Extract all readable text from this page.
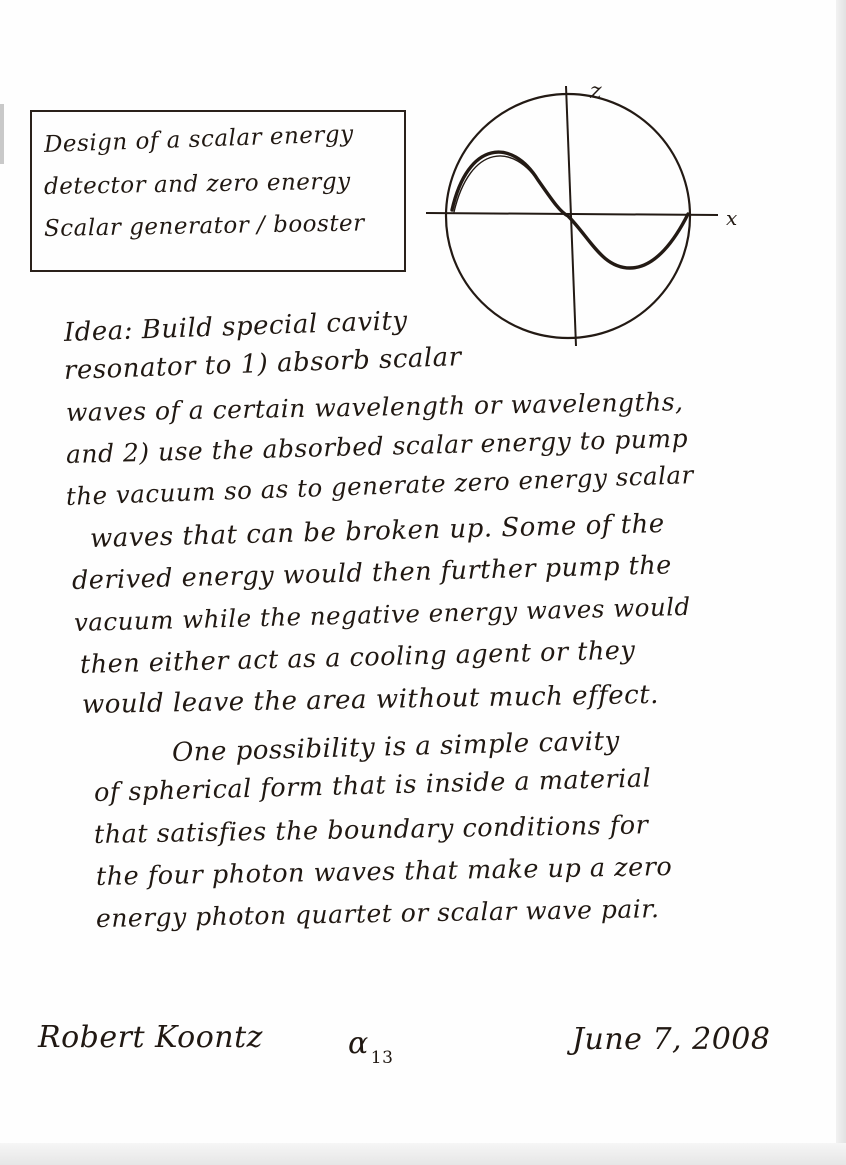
Design of a scalar energy
detector and zero energy
Scalar generator / booster
z
x
Idea: Build special cavity
resonator to 1) absorb scalar
waves of a certain wavelength or wavelengths,
and 2) use the absorbed scalar energy to pump
the vacuum so as to generate zero energy scalar
waves that can be broken up. Some of the
derived energy would then further pump the
vacuum while the negative energy waves would
then either act as a cooling agent or they
would leave the area without much effect.
One possibility is a simple cavity
of spherical form that is inside a material
that satisfies the boundary conditions for
the four photon waves that make up a zero
energy photon quartet or scalar wave pair.
Robert Koontz	α $_{13}$
June 7, 2008
